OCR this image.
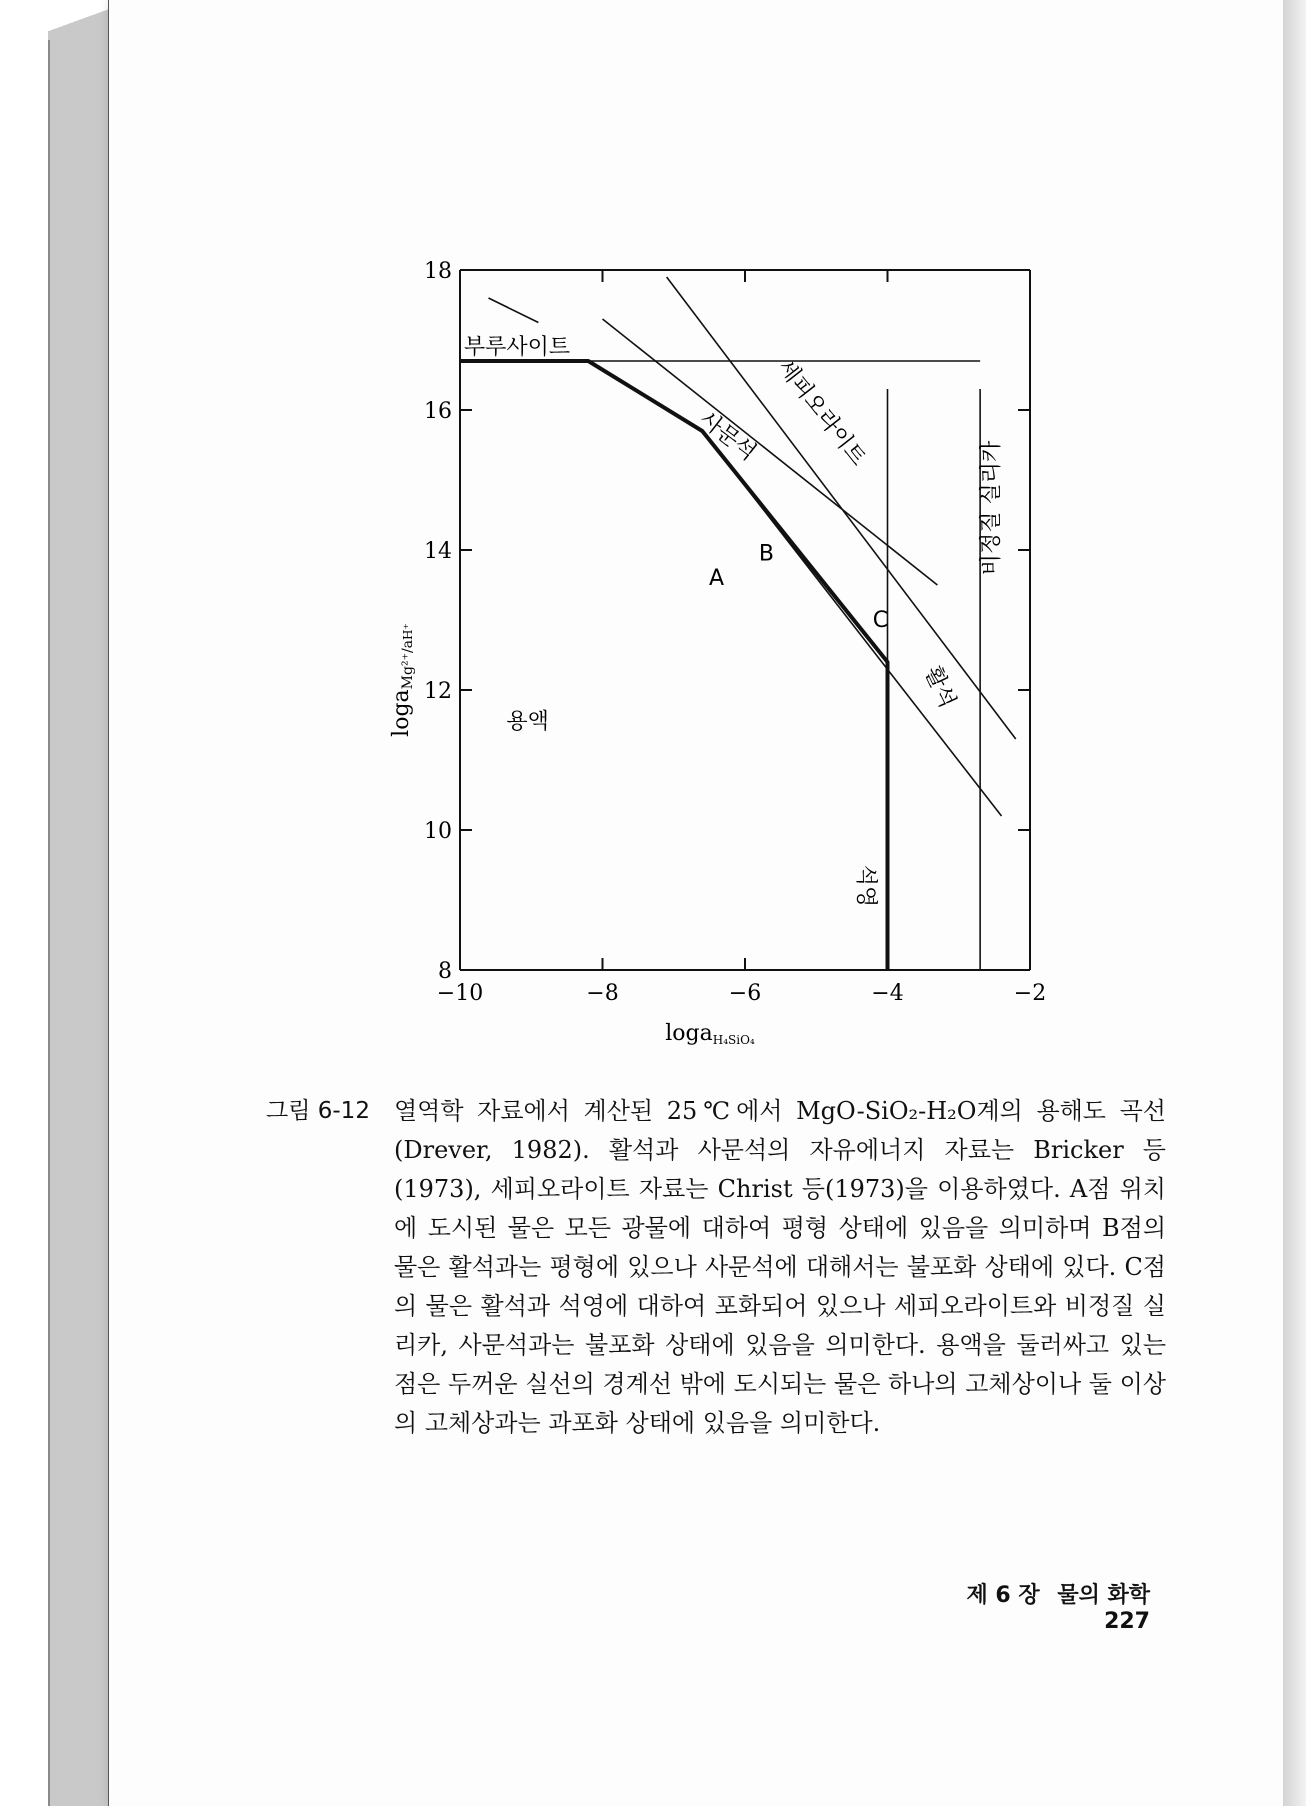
−10	−8	−6	−4	−2
8
10
12
14
16
18
부루사이트
사문석 세피오라이트
비정질 실리카
A
B
C
활석
용액
석영
logaH₄SiO₄
logaMg²⁺/aH⁺
그림 6-12	열역학 자료에서 계산된 25℃에서 MgO-SiO₂-H₂O계의 용해도 곡선 (Drever, 1982). 활석과 사문석의 자유에너지 자료는 Bricker 등(1973), 세피오라이트 자료는 Christ 등(1973)을 이용하였다. A점 위치에 도시된 물은 모든 광물에 대하여 평형 상태에 있음을 의미하며 B점의 물은 활석과는 평형에 있으나 사문석에 대해서는 불포화 상태에 있다. C점의 물은 활석과 석영에 대하여 포화되어 있으나 세피오라이트와 비정질 실리카, 사문석과는 불포화 상태에 있음을 의미한다. 용액을 둘러싸고 있는 점은 두꺼운 실선의 경계선 밖에 도시되는 물은 하나의 고체상이나 둘 이상의 고체상과는 과포화 상태에 있음을 의미한다.
제 6 장 물의 화학 227
